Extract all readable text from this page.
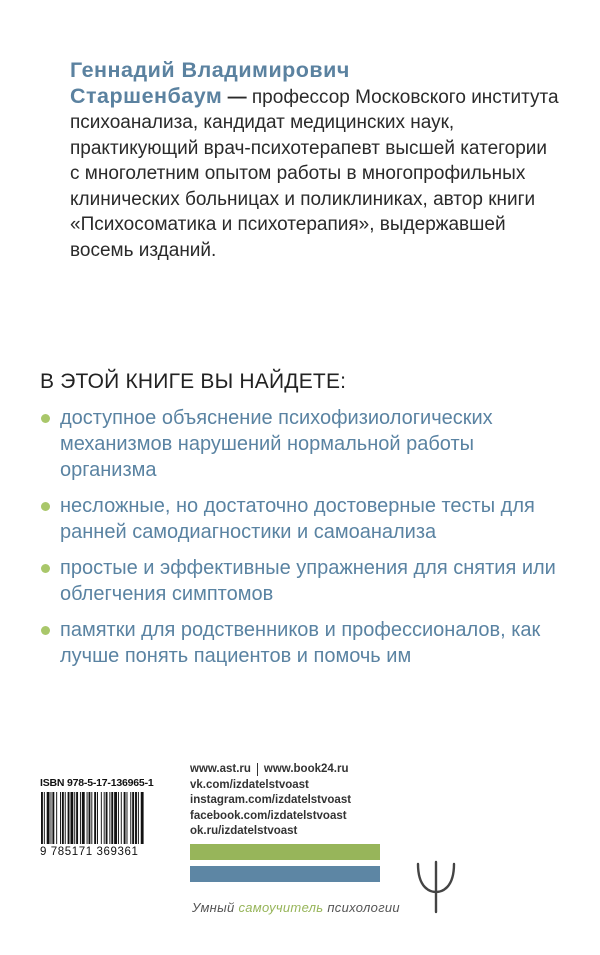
Геннадий Владимирович
Старшенбаум — профессор Московского института психоанализа, кандидат медицинских наук, практикующий врач-психотерапевт высшей категории с многолетним опытом работы в многопрофильных клинических больницах и поликлиниках, автор книги «Психосоматика и психотерапия», выдержавшей восемь изданий.
В ЭТОЙ КНИГЕ ВЫ НАЙДЕТЕ:
доступное объяснение психофизиологических механизмов нарушений нормальной работы организма
несложные, но достаточно достоверные тесты для ранней самодиагностики и самоанализа
простые и эффективные упражнения для снятия или облегчения симптомов
памятки для родственников и профессионалов, как лучше понять пациентов и помочь им
ISBN 978-5-17-136965-1
9 785171 369361
www.ast.ru www.book24.ru
vk.com/izdatelstvoast
instagram.com/izdatelstvoast
facebook.com/izdatelstvoast
ok.ru/izdatelstvoast
Умный самоучитель психологии
